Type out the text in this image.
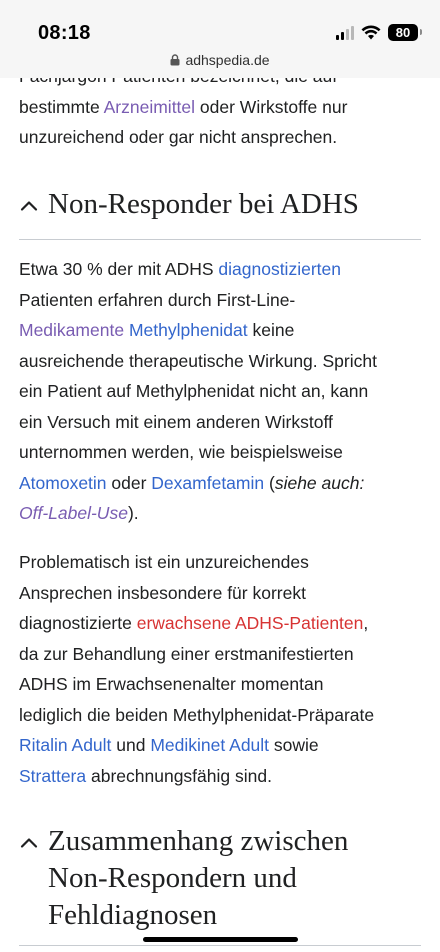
08:18	80
adhspedia.de
bestimmte Arzneimittel oder Wirkstoffe nur
unzureichend oder gar nicht ansprechen.
Non-Responder bei ADHS
Etwa 30 % der mit ADHS diagnostizierten
Patienten erfahren durch First-Line-
Medikamente Methylphenidat keine
ausreichende therapeutische Wirkung. Spricht
ein Patient auf Methylphenidat nicht an, kann
ein Versuch mit einem anderen Wirkstoff
unternommen werden, wie beispielsweise
Atomoxetin oder Dexamfetamin (siehe auch:
Off-Label-Use).
Problematisch ist ein unzureichendes
Ansprechen insbesondere für korrekt
diagnostizierte erwachsene ADHS-Patienten,
da zur Behandlung einer erstmanifestierten
ADHS im Erwachsenenalter momentan
lediglich die beiden Methylphenidat-Präparate
Ritalin Adult und Medikinet Adult sowie
Strattera abrechnungsfähig sind.
Zusammenhang zwischen
Non-Respondern und
Fehldiagnosen
